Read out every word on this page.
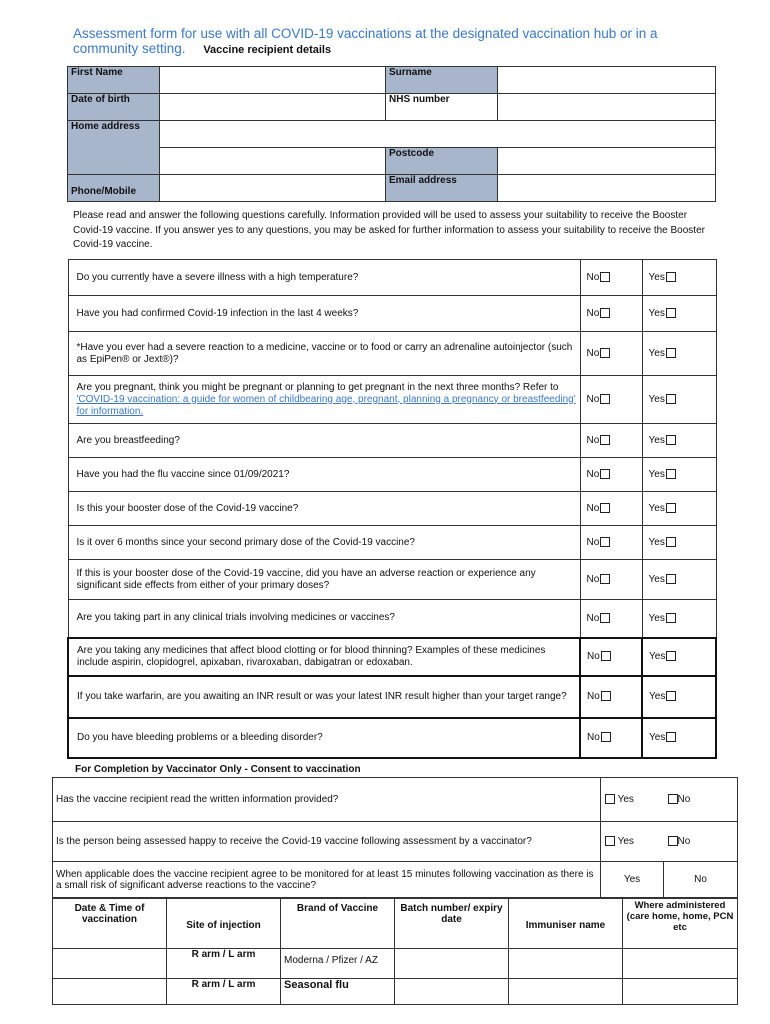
Assessment form for use with all COVID-19 vaccinations at the designated vaccination hub or in a
community setting. Vaccine recipient details
First Name		Surname	
Date of birth		NHS number	
Home address			
		Postcode	
Phone/Mobile		Email address	
Please read and answer the following questions carefully. Information provided will be used to assess your suitability to receive the Booster Covid-19 vaccine. If you answer yes to any questions, you may be asked for further information to assess your suitability to receive the Booster Covid-19 vaccine.
Do you currently have a severe illness with a high temperature?	No	Yes
Have you had confirmed Covid-19 infection in the last 4 weeks?	No	Yes
*Have you ever had a severe reaction to a medicine, vaccine or to food or carry an adrenaline autoinjector (such as EpiPen® or Jext®)?	No	Yes
Are you pregnant, think you might be pregnant or planning to get pregnant in the next three months? Refer to 'COVID-19 vaccination: a guide for women of childbearing age, pregnant, planning a pregnancy or breastfeeding' for information.	No	Yes
Are you breastfeeding?	No	Yes
Have you had the flu vaccine since 01/09/2021?	No	Yes
Is this your booster dose of the Covid-19 vaccine?	No	Yes
Is it over 6 months since your second primary dose of the Covid-19 vaccine?	No	Yes
If this is your booster dose of the Covid-19 vaccine, did you have an adverse reaction or experience any significant side effects from either of your primary doses?	No	Yes
Are you taking part in any clinical trials involving medicines or vaccines?	No	Yes
Are you taking any medicines that affect blood clotting or for blood thinning? Examples of these medicines include aspirin, clopidogrel, apixaban, rivaroxaban, dabigatran or edoxaban.	No	Yes
If you take warfarin, are you awaiting an INR result or was your latest INR result higher than your target range?	No	Yes
Do you have bleeding problems or a bleeding disorder?	No	Yes
For Completion by Vaccinator Only - Consent to vaccination
Has the vaccine recipient read the written information provided?	Yes	No
Is the person being assessed happy to receive the Covid-19 vaccine following assessment by a vaccinator?	Yes	No
When applicable does the vaccine recipient agree to be monitored for at least 15 minutes following vaccination as there is a small risk of significant adverse reactions to the vaccine?	Yes	No
Date & Time of vaccination	Site of injection	Brand of Vaccine	Batch number/ expiry date	Immuniser name	Where administered (care home, home, PCN etc
	R arm / L arm	Moderna / Pfizer / AZ			
	R arm / L arm	Seasonal flu			
